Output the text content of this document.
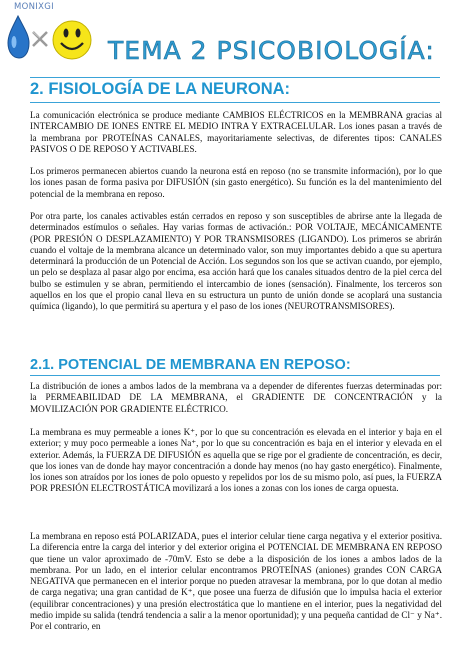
MONIXGI
TEMA 2 PSICOBIOLOGÍA:
2. FISIOLOGÍA DE LA NEURONA:

La comunicación electrónica se produce mediante CAMBIOS ELÉCTRICOS en la MEMBRANA gracias al INTERCAMBIO DE IONES ENTRE EL MEDIO INTRA Y EXTRACELULAR. Los iones pasan a través de la membrana por PROTEÍNAS CANALES, mayoritariamente selectivas, de diferentes tipos: CANALES PASIVOS O DE REPOSO Y ACTIVABLES.

Los primeros permanecen abiertos cuando la neurona está en reposo (no se transmite información), por lo que los iones pasan de forma pasiva por DIFUSIÓN (sin gasto energético). Su función es la del mantenimiento del potencial de la membrana en reposo.

Por otra parte, los canales activables están cerrados en reposo y son susceptibles de abrirse ante la llegada de determinados estímulos o señales. Hay varias formas de activación.: POR VOLTAJE, MECÁNICAMENTE (POR PRESIÓN O DESPLAZAMIENTO) Y POR TRANSMISORES (LIGANDO). Los primeros se abrirán cuando el voltaje de la membrana alcance un determinado valor, son muy importantes debido a que su apertura determinará la producción de un Potencial de Acción. Los segundos son los que se activan cuando, por ejemplo, un pelo se desplaza al pasar algo por encima, esa acción hará que los canales situados dentro de la piel cerca del bulbo se estimulen y se abran, permitiendo el intercambio de iones (sensación). Finalmente, los terceros son aquellos en los que el propio canal lleva en su estructura un punto de unión donde se acoplará una sustancia química (ligando), lo que permitirá su apertura y el paso de los iones (NEUROTRANSMISORES).

2.1. POTENCIAL DE MEMBRANA EN REPOSO:

La distribución de iones a ambos lados de la membrana va a depender de diferentes fuerzas determinadas por: la PERMEABILIDAD DE LA MEMBRANA, el GRADIENTE DE CONCENTRACIÓN y la MOVILIZACIÓN POR GRADIENTE ELÉCTRICO.

La membrana es muy permeable a iones K⁺, por lo que su concentración es elevada en el interior y baja en el exterior; y muy poco permeable a iones Na⁺, por lo que su concentración es baja en el interior y elevada en el exterior. Además, la FUERZA DE DIFUSIÓN es aquella que se rige por el gradiente de concentración, es decir, que los iones van de donde hay mayor concentración a donde hay menos (no hay gasto energético). Finalmente, los iones son atraídos por los iones de polo opuesto y repelidos por los de su mismo polo, así pues, la FUERZA POR PRESIÓN ELECTROSTÁTICA movilizará a los iones a zonas con los iones de carga opuesta.

La membrana en reposo está POLARIZADA, pues el interior celular tiene carga negativa y el exterior positiva. La diferencia entre la carga del interior y del exterior origina el POTENCIAL DE MEMBRANA EN REPOSO que tiene un valor aproximado de -70mV. Esto se debe a la disposición de los iones a ambos lados de la membrana. Por un lado, en el interior celular encontramos PROTEÍNAS (aniones) grandes CON CARGA NEGATIVA que permanecen en el interior porque no pueden atravesar la membrana, por lo que dotan al medio de carga negativa; una gran cantidad de K⁺, que posee una fuerza de difusión que lo impulsa hacia el exterior (equilibrar concentraciones) y una presión electrostática que lo mantiene en el interior, pues la negatividad del medio impide su salida (tendrá tendencia a salir a la menor oportunidad); y una pequeña cantidad de Cl⁻ y Na⁺. Por el contrario, en
